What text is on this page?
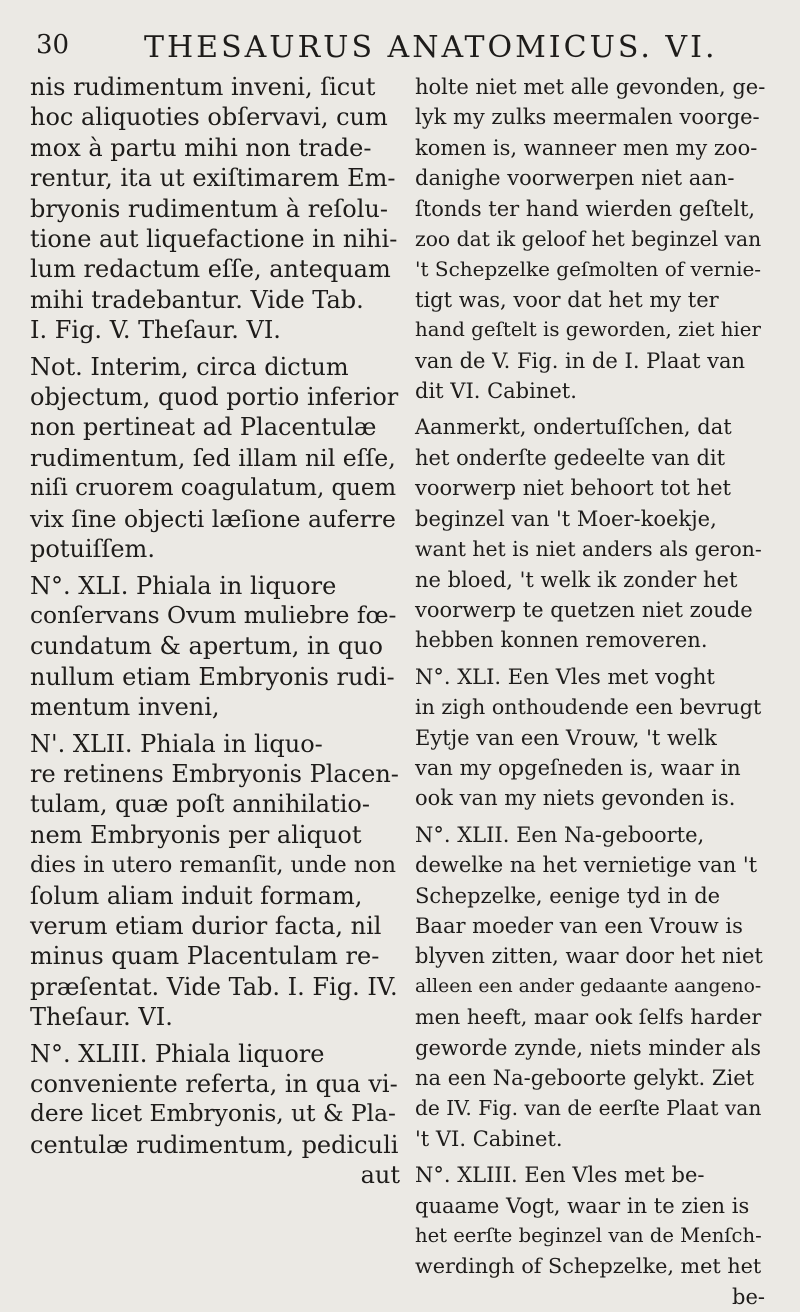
30 THESAURUS ANATOMICUS. VI.

nis rudimentum inveni, ſicut
hoc aliquoties obſervavi, cum
mox à partu mihi non trade-
rentur, ita ut exiſtimarem Em-
bryonis rudimentum à reſolu-
tione aut liquefactione in nihi-
lum redactum eſſe, antequam
mihi tradebantur. Vide Tab.
I. Fig. V. Theſaur. VI.

Not. Interim, circa dictum
objectum, quod portio inferior
non pertineat ad Placentulæ
rudimentum, ſed illam nil eſſe,
niſi cruorem coagulatum, quem
vix ſine objecti læſione auferre
potuiſſem.

N°. XLI. Phiala in liquore
conſervans Ovum muliebre fœ-
cundatum & apertum, in quo
nullum etiam Embryonis rudi-
mentum inveni,

N'. XLII. Phiala in liquo-
re retinens Embryonis Placen-
tulam, quæ poſt annihilatio-
nem Embryonis per aliquot
dies in utero remanſit, unde non
ſolum aliam induit formam,
verum etiam durior facta, nil
minus quam Placentulam re-
præſentat. Vide Tab. I. Fig. IV.
Theſaur. VI.

N°. XLIII. Phiala liquore
conveniente referta, in qua vi-
dere licet Embryonis, ut & Pla-
centulæ rudimentum, pediculi

aut

holte niet met alle gevonden, ge-
lyk my zulks meermalen voorge-
komen is, wanneer men my zoo-
danighe voorwerpen niet aan-
ſtonds ter hand wierden geſtelt,
zoo dat ik geloof het beginzel van
't Schepzelke geſmolten of vernie-
tigt was, voor dat het my ter
hand geſtelt is geworden, ziet hier
van de V. Fig. in de I. Plaat van
dit VI. Cabinet.

Aanmerkt, ondertuſſchen, dat
het onderſte gedeelte van dit
voorwerp niet behoort tot het
beginzel van 't Moer-koekje,
want het is niet anders als geron-
ne bloed, 't welk ik zonder het
voorwerp te quetzen niet zoude
hebben konnen removeren.

N°. XLI. Een Vles met voght
in zigh onthoudende een bevrugt
Eytje van een Vrouw, 't welk
van my opgeſneden is, waar in
ook van my niets gevonden is.

N°. XLII. Een Na-geboorte,
dewelke na het vernietige van 't
Schepzelke, eenige tyd in de
Baar moeder van een Vrouw is
blyven zitten, waar door het niet
alleen een ander gedaante aangeno-
men heeft, maar ook ſelfs harder
geworde zynde, niets minder als
na een Na-geboorte gelykt. Ziet
de IV. Fig. van de eerſte Plaat van
't VI. Cabinet.

N°. XLIII. Een Vles met be-
quaame Vogt, waar in te zien is
het eerſte beginzel van de Menſch-
werdingh of Schepzelke, met het

be-
